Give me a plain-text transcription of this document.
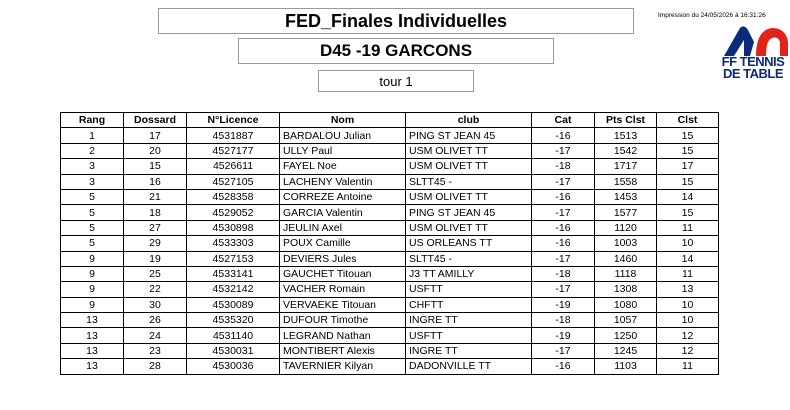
FED_Finales Individuelles
D45 -19 GARCONS
tour 1
Impression du 24/05/2026 à 16:31:26
FF TENNIS
DE TABLE
Rang	Dossard	N°Licence	Nom	club	Cat	Pts Clst	Clst
1	17	4531887	BARDALOU Julian	PING ST JEAN 45	-16	1513	15
2	20	4527177	ULLY Paul	USM OLIVET TT	-17	1542	15
3	15	4526611	FAYEL Noe	USM OLIVET TT	-18	1717	17
3	16	4527105	LACHENY Valentin	SLTT45 -	-17	1558	15
5	21	4528358	CORREZE Antoine	USM OLIVET TT	-16	1453	14
5	18	4529052	GARCIA Valentin	PING ST JEAN 45	-17	1577	15
5	27	4530898	JEULIN Axel	USM OLIVET TT	-16	1120	11
5	29	4533303	POUX Camille	US ORLEANS TT	-16	1003	10
9	19	4527153	DEVIERS Jules	SLTT45 -	-17	1460	14
9	25	4533141	GAUCHET Titouan	J3 TT AMILLY	-18	1118	11
9	22	4532142	VACHER Romain	USFTT	-17	1308	13
9	30	4530089	VERVAEKE Titouan	CHFTT	-19	1080	10
13	26	4535320	DUFOUR Timothe	INGRE TT	-18	1057	10
13	24	4531140	LEGRAND Nathan	USFTT	-19	1250	12
13	23	4530031	MONTIBERT Alexis	INGRE TT	-17	1245	12
13	28	4530036	TAVERNIER Kilyan	DADONVILLE TT	-16	1103	11
